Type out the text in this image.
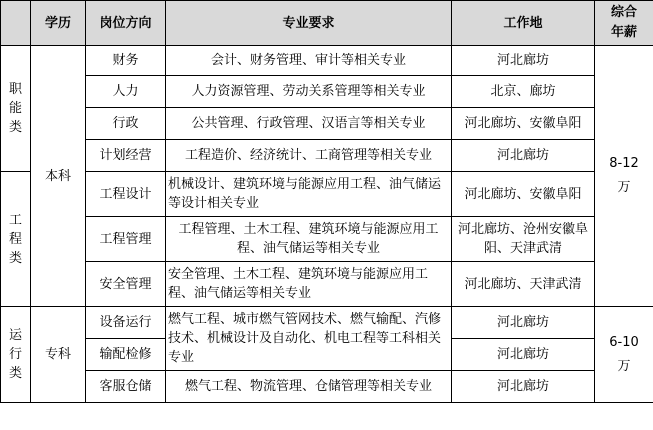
	学历	岗位方向	专业要求	工作地	综合
年薪
职
能
类	本科	财务	会计、财务管理、审计等相关专业	河北廊坊	8-12
万
		人力	人力资源管理、劳动关系管理等相关专业	北京、廊坊	
		行政	公共管理、行政管理、汉语言等相关专业	河北廊坊、安徽阜阳	
		计划经营	工程造价、经济统计、工商管理等相关专业	河北廊坊	
工
程
类		工程设计	机械设计、建筑环境与能源应用工程、油气储运等设计相关专业	河北廊坊、安徽阜阳	
		工程管理	工程管理、土木工程、建筑环境与能源应用工程、油气储运等相关专业	河北廊坊、沧州安徽阜阳、天津武清	
		安全管理	安全管理、土木工程、建筑环境与能源应用工程、油气储运等相关专业	河北廊坊、天津武清	
运
行
类	专科	设备运行	燃气工程、城市燃气管网技术、燃气输配、汽修技术、机械设计及自动化、机电工程等工科相关专业	河北廊坊	6-10
万
		输配检修		河北廊坊	
		客服仓储	燃气工程、物流管理、仓储管理等相关专业	河北廊坊	
